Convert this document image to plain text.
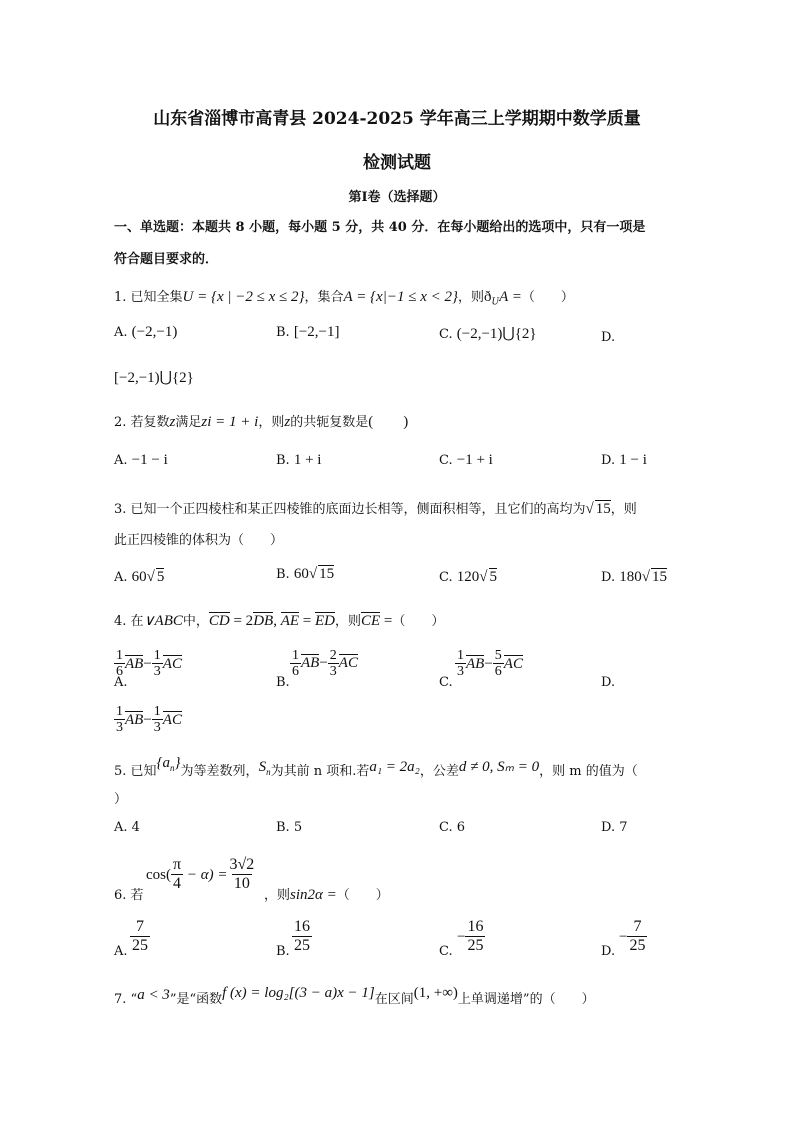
山东省淄博市高青县 2024-2025 学年高三上学期期中数学质量
检测试题
第Ⅰ卷（选择题）
一、单选题：本题共 8 小题，每小题 5 分，共 40 分．在每小题给出的选项中，只有一项是
符合题目要求的．
1. 已知全集U = {x | −2 ≤ x ≤ 2}，集合A = {x|−1 ≤ x < 2}，则$ð_UA$ =（　　）
A. (−2,−1)	B. [−2,−1]	C. (−2,−1)⋃{2}	D.
[−2,−1)⋃{2}
2. 若复数z满足zi = 1 + i，则z的共轭复数是(　　)
A. −1 − i	B. 1 + i	C. −1 + i	D. 1 − i
3. 已知一个正四棱柱和某正四棱锥的底面边长相等，侧面积相等，且它们的高均为√ 15，则
此正四棱锥的体积为（　　）
A. 60√ 5	B. 60√ 15	C. 120√ 5	D. 180√ 15
4. 在∨ABC中，CD = 2DB, AE = ED，则CE =（　　）
$\frac{1}{6} AB- \frac{1}{3}$ AC
A.
$\frac{1}{6} AB- \frac{2}{3}$ AC
B.
$\frac{1}{3} AB- \frac{5}{6}$ AC
C.	D.
$\frac{1}{3} AB- \frac{1}{3}$ AC
5. 已知$\{a_n\}$为等差数列，$S_n$为其前 n 项和.若a₁ = 2a₂，公差d ≠ 0, Sₘ = 0，则 m 的值为（
）
A. 4	B. 5	C. 6	D. 7
6. 若
$\cos( \frac{\pi}{4} - \alpha) = \frac{3√2}{10}$
，则sin2α =（　　）
A. $\frac{7}{25}$	B. $\frac{16}{25}$	C.
− $\frac{16}{25}$	D.
− $\frac{7}{25}$
7. “a < 3”是“函数f (x) = log₂[(3 − a)x − 1]在区间(1, +∞)上单调递增”的（　　）
